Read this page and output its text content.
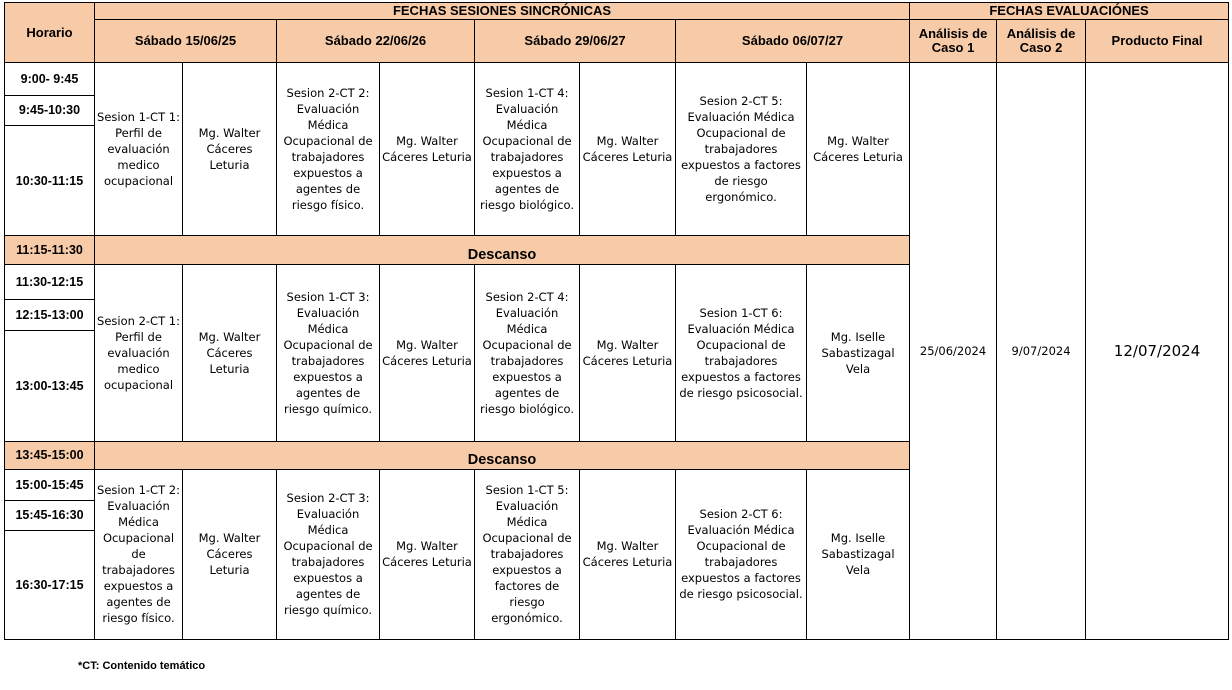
Horario	FECHAS SESIONES SINCRÓNICAS								FECHAS EVALUACIÓNES		
	Sábado 15/06/25		Sábado 22/06/26		Sábado 29/06/27		Sábado 06/07/27		Análisis de Caso 1	Análisis de Caso 2	Producto Final
9:00- 9:45	Sesion 1-CT 1: Perfil de evaluación medico ocupacional	Mg. Walter Cáceres Leturia	Sesion 2-CT 2: Evaluación Médica Ocupacional de trabajadores expuestos a agentes de riesgo físico.	Mg. Walter Cáceres Leturia	Sesion 1-CT 4: Evaluación Médica Ocupacional de trabajadores expuestos a agentes de riesgo biológico.	Mg. Walter Cáceres Leturia	Sesion 2-CT 5: Evaluación Médica Ocupacional de trabajadores expuestos a factores de riesgo ergonómico.	Mg. Walter Cáceres Leturia	25/06/2024	9/07/2024	12/07/2024
9:45-10:30											
10:30-11:15											
11:15-11:30	Descanso										
11:30-12:15	Sesion 2-CT 1: Perfil de evaluación medico ocupacional	Mg. Walter Cáceres Leturia	Sesion 1-CT 3: Evaluación Médica Ocupacional de trabajadores expuestos a agentes de riesgo químico.	Mg. Walter Cáceres Leturia	Sesion 2-CT 4: Evaluación Médica Ocupacional de trabajadores expuestos a agentes de riesgo biológico.	Mg. Walter Cáceres Leturia	Sesion 1-CT 6: Evaluación Médica Ocupacional de trabajadores expuestos a factores de riesgo psicosocial.	Mg. Iselle Sabastizagal Vela			
12:15-13:00											
13:00-13:45											
13:45-15:00	Descanso										
15:00-15:45	Sesion 1-CT 2: Evaluación Médica Ocupacional de trabajadores expuestos a agentes de riesgo físico.	Mg. Walter Cáceres Leturia	Sesion 2-CT 3: Evaluación Médica Ocupacional de trabajadores expuestos a agentes de riesgo químico.	Mg. Walter Cáceres Leturia	Sesion 1-CT 5: Evaluación Médica Ocupacional de trabajadores expuestos a factores de riesgo ergonómico.	Mg. Walter Cáceres Leturia	Sesion 2-CT 6: Evaluación Médica Ocupacional de trabajadores expuestos a factores de riesgo psicosocial.	Mg. Iselle Sabastizagal Vela			
15:45-16:30											
16:30-17:15											
*CT: Contenido temático
